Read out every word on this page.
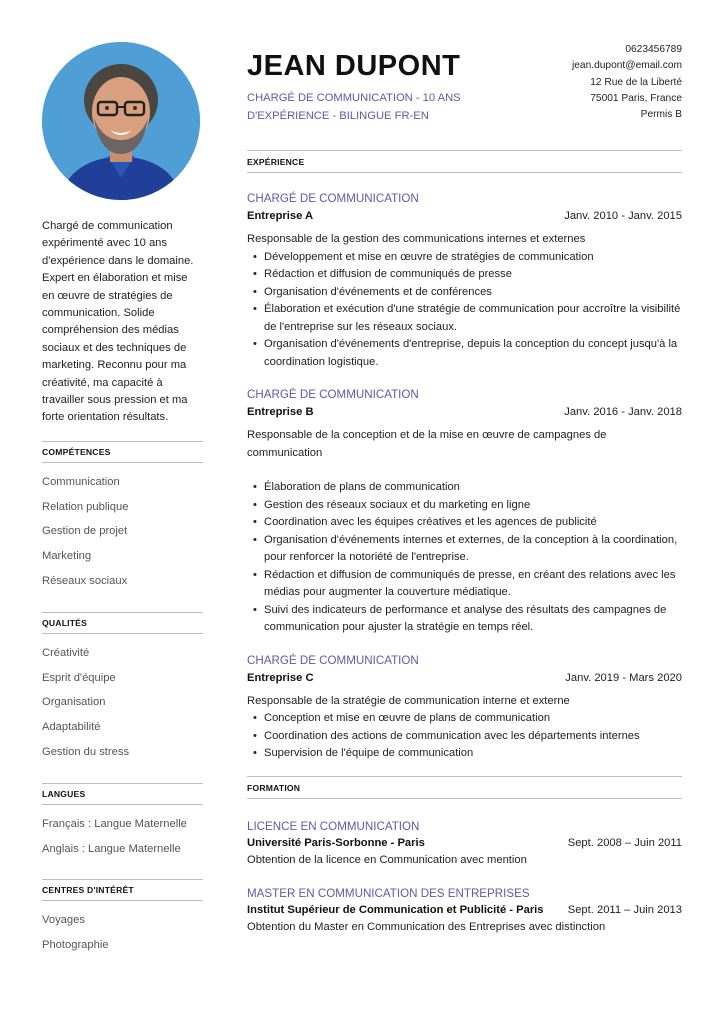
Chargé de communication expérimenté avec 10 ans d'expérience dans le domaine. Expert en élaboration et mise en œuvre de stratégies de communication. Solide compréhension des médias sociaux et des techniques de marketing. Reconnu pour ma créativité, ma capacité à travailler sous pression et ma forte orientation résultats.

COMPÉTENCES
Communication
Relation publique
Gestion de projet
Marketing
Réseaux sociaux
QUALITÉS
Créativité
Esprit d'équipe
Organisation
Adaptabilité
Gestion du stress
LANGUES
Français : Langue Maternelle
Anglais : Langue Maternelle
CENTRES D'INTÉRÊT
Voyages
Photographie
JEAN DUPONT

CHARGÉ DE COMMUNICATION - 10 ANS D'EXPÉRIENCE - BILINGUE FR-EN

0623456789
jean.dupont@email.com
12 Rue de la Liberté
75001 Paris, France
Permis B
EXPÉRIENCE
CHARGÉ DE COMMUNICATION
Entreprise A	Janv. 2010 - Janv. 2015

Responsable de la gestion des communications internes et externes

• Développement et mise en œuvre de stratégies de communication
• Rédaction et diffusion de communiqués de presse
• Organisation d'événements et de conférences
• Élaboration et exécution d'une stratégie de communication pour accroître la visibilité de l'entreprise sur les réseaux sociaux.
• Organisation d'événements d'entreprise, depuis la conception du concept jusqu'à la coordination logistique.
CHARGÉ DE COMMUNICATION
Entreprise B	Janv. 2016 - Janv. 2018

Responsable de la conception et de la mise en œuvre de campagnes de communication

• Élaboration de plans de communication
• Gestion des réseaux sociaux et du marketing en ligne
• Coordination avec les équipes créatives et les agences de publicité
• Organisation d'événements internes et externes, de la conception à la coordination, pour renforcer la notoriété de l'entreprise.
• Rédaction et diffusion de communiqués de presse, en créant des relations avec les médias pour augmenter la couverture médiatique.
• Suivi des indicateurs de performance et analyse des résultats des campagnes de communication pour ajuster la stratégie en temps réel.
CHARGÉ DE COMMUNICATION
Entreprise C	Janv. 2019 - Mars 2020

Responsable de la stratégie de communication interne et externe

• Conception et mise en œuvre de plans de communication
• Coordination des actions de communication avec les départements internes
• Supervision de l'équipe de communication
FORMATION
LICENCE EN COMMUNICATION
Université Paris-Sorbonne - Paris	Sept. 2008 – Juin 2011

Obtention de la licence en Communication avec mention

MASTER EN COMMUNICATION DES ENTREPRISES
Institut Supérieur de Communication et Publicité - Paris Sept. 2011 – Juin 2013

Obtention du Master en Communication des Entreprises avec distinction
